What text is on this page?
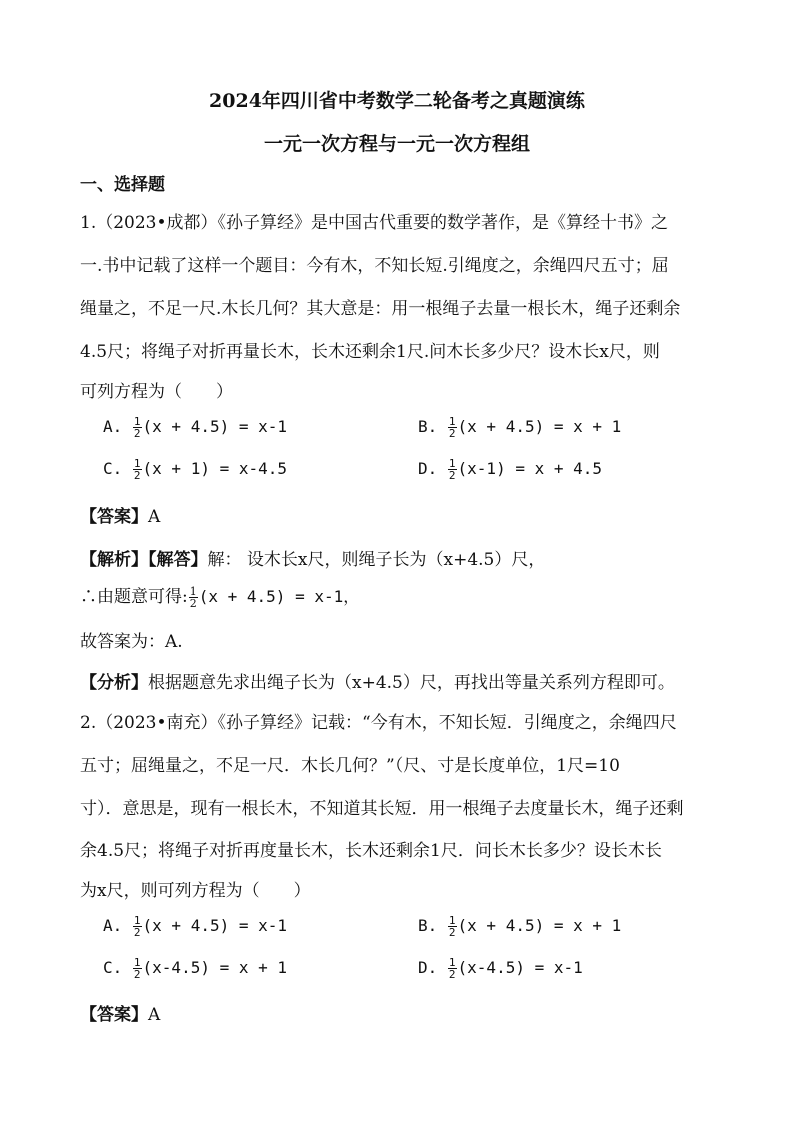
2024年四川省中考数学二轮备考之真题演练
一元一次方程与一元一次方程组
一、选择题
1.（2023•成都）《孙子算经》是中国古代重要的数学著作，是《算经十书》之
一.书中记载了这样一个题目：今有木，不知长短.引绳度之，余绳四尺五寸；屈
绳量之，不足一尺.木长几何？其大意是：用一根绳子去量一根长木，绳子还剩余
4.5尺；将绳子对折再量长木，长木还剩余1尺.问木长多少尺？设木长x尺，则
可列方程为（　　）
A. $\frac{1}{2} (x + 4.5) = x-1$	B. $\frac{1}{2} (x + 4.5) = x + 1$
C. $\frac{1}{2} (x + 1) = x-4.5$	D. $\frac{1}{2} (x-1) = x + 4.5$
【答案】A
【解析】【解答】解： 设木长x尺，则绳子长为（x+4.5）尺，
∴由题意可得: $\frac{1}{2} (x + 4.5) = x-1$，
故答案为：A.
【分析】根据题意先求出绳子长为（x+4.5）尺，再找出等量关系列方程即可。
2.（2023•南充）《孙子算经》记载：“今有木，不知长短．引绳度之，余绳四尺
五寸；屈绳量之，不足一尺．木长几何？”（尺、寸是长度单位，1尺=10
寸）．意思是，现有一根长木，不知道其长短．用一根绳子去度量长木，绳子还剩
余4.5尺；将绳子对折再度量长木，长木还剩余1尺．问长木长多少？设长木长
为x尺，则可列方程为（　　）
A. $\frac{1}{2} (x + 4.5) = x-1$	B. $\frac{1}{2} (x + 4.5) = x + 1$
C. $\frac{1}{2} (x-4.5) = x + 1$	D. $\frac{1}{2} (x-4.5) = x-1$
【答案】A
